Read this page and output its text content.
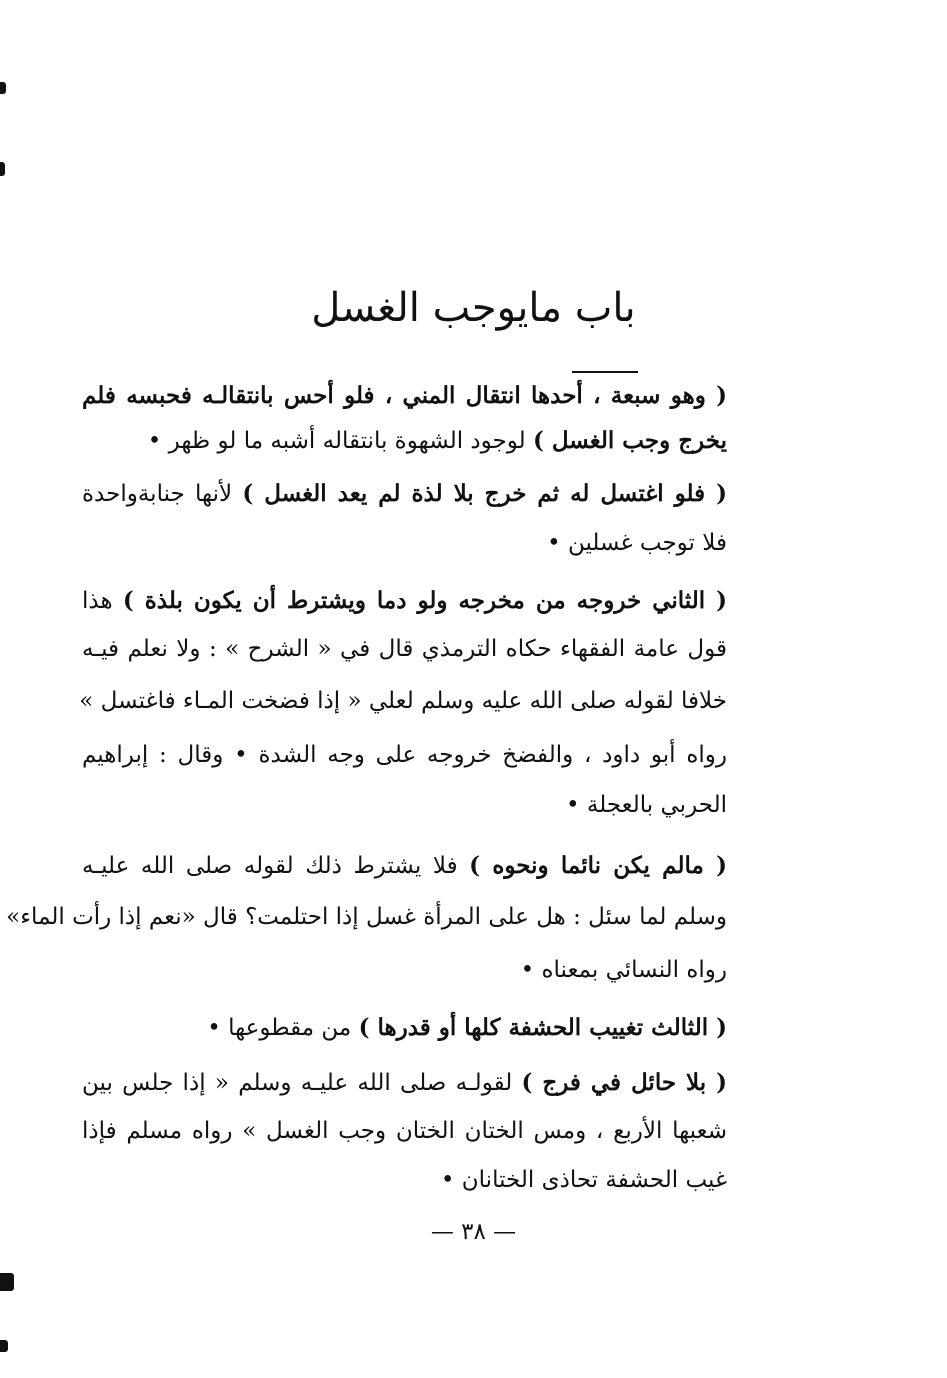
باب مايوجب الغسل
( وهو سبعة ، أحدها انتقال المني ، فلو أحس بانتقالـه فحبسه فلم
يخرج وجب الغسل ) لوجود الشهوة بانتقاله أشبه ما لو ظهر •
( فلو اغتسل له ثم خرج بلا لذة لم يعد الغسل ) لأنها جنابةواحدة
فلا توجب غسلين •
( الثاني خروجه من مخرجه ولو دما ويشترط أن يكون بلذة ) هذا
قول عامة الفقهاء حكاه الترمذي قال في « الشرح » : ولا نعلم فيـه
خلافا لقوله صلى الله عليه وسلم لعلي « إذا فضخت المـاء فاغتسل »
رواه أبو داود ، والفضخ خروجه على وجه الشدة • وقال : إبراهيم
الحربي بالعجلة •
( مالم يكن نائما ونحوه ) فلا يشترط ذلك لقوله صلى الله عليـه
وسلم لما سئل : هل على المرأة غسل إذا احتلمت؟ قال «نعم إذا رأت الماء»
رواه النسائي بمعناه •
( الثالث تغييب الحشفة كلها أو قدرها ) من مقطوعها •
( بلا حائل في فرج ) لقولـه صلى الله عليـه وسلم « إذا جلس بين
شعبها الأربع ، ومس الختان الختان وجب الغسل » رواه مسلم فإذا
غيب الحشفة تحاذى الختانان •
— ٣٨ —
